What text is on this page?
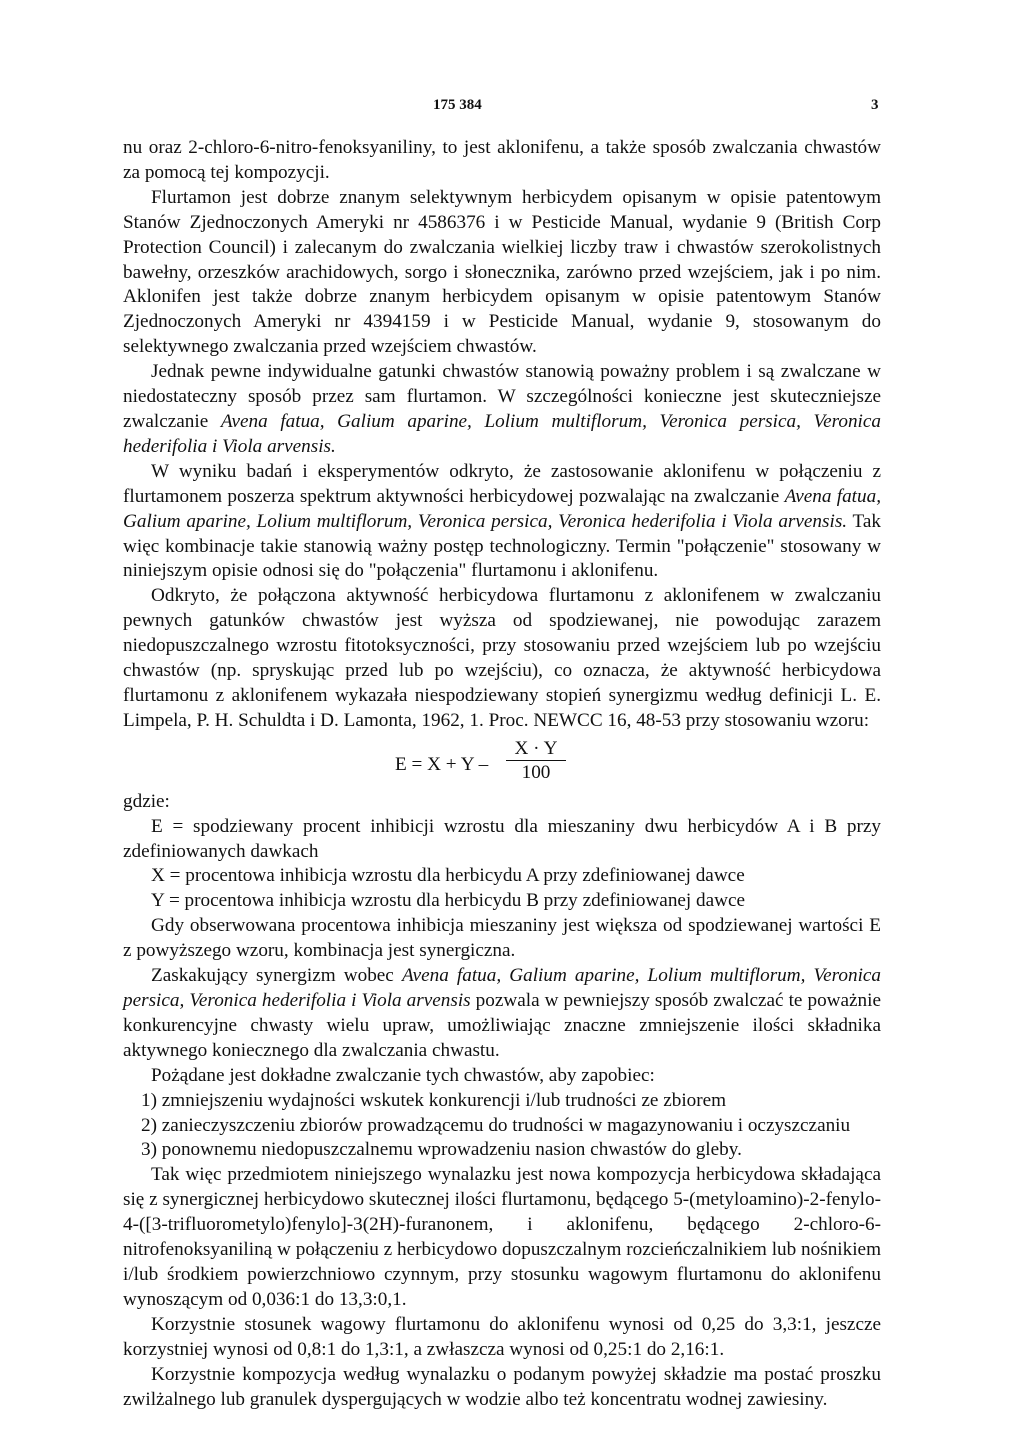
175 384	3

nu oraz 2-chloro-6-nitro-fenoksyaniliny, to jest aklonifenu, a także sposób zwalczania chwastów za pomocą tej kompozycji.

Flurtamon jest dobrze znanym selektywnym herbicydem opisanym w opisie patentowym Stanów Zjednoczonych Ameryki nr 4586376 i w Pesticide Manual, wydanie 9 (British Corp Protection Council) i zalecanym do zwalczania wielkiej liczby traw i chwastów szerokolistnych bawełny, orzeszków arachidowych, sorgo i słonecznika, zarówno przed wzejściem, jak i po nim. Aklonifen jest także dobrze znanym herbicydem opisanym w opisie patentowym Stanów Zjednoczonych Ameryki nr 4394159 i w Pesticide Manual, wydanie 9, stosowanym do selektywnego zwalczania przed wzejściem chwastów.

Jednak pewne indywidualne gatunki chwastów stanowią poważny problem i są zwalczane w niedostateczny sposób przez sam flurtamon. W szczególności konieczne jest skuteczniejsze zwalczanie Avena fatua, Galium aparine, Lolium multiflorum, Veronica persica, Veronica hederifolia i Viola arvensis.

W wyniku badań i eksperymentów odkryto, że zastosowanie aklonifenu w połączeniu z flurtamonem poszerza spektrum aktywności herbicydowej pozwalając na zwalczanie Avena fatua, Galium aparine, Lolium multiflorum, Veronica persica, Veronica hederifolia i Viola arvensis. Tak więc kombinacje takie stanowią ważny postęp technologiczny. Termin "połączenie" stosowany w niniejszym opisie odnosi się do "połączenia" flurtamonu i aklonifenu.

Odkryto, że połączona aktywność herbicydowa flurtamonu z aklonifenem w zwalczaniu pewnych gatunków chwastów jest wyższa od spodziewanej, nie powodując zarazem niedopuszczalnego wzrostu fitotoksyczności, przy stosowaniu przed wzejściem lub po wzejściu chwastów (np. spryskując przed lub po wzejściu), co oznacza, że aktywność herbicydowa flurtamonu z aklonifenem wykazała niespodziewany stopień synergizmu według definicji L. E. Limpela, P. H. Schuldta i D. Lamonta, 1962, 1. Proc. NEWCC 16, 48-53 przy stosowaniu wzoru:

$E = X + Y - \frac{X \cdot Y}{100}$

gdzie:

E = spodziewany procent inhibicji wzrostu dla mieszaniny dwu herbicydów A i B przy zdefiniowanych dawkach

X = procentowa inhibicja wzrostu dla herbicydu A przy zdefiniowanej dawce

Y = procentowa inhibicja wzrostu dla herbicydu B przy zdefiniowanej dawce

Gdy obserwowana procentowa inhibicja mieszaniny jest większa od spodziewanej wartości E z powyższego wzoru, kombinacja jest synergiczna.

Zaskakujący synergizm wobec Avena fatua, Galium aparine, Lolium multiflorum, Veronica persica, Veronica hederifolia i Viola arvensis pozwala w pewniejszy sposób zwalczać te poważnie konkurencyjne chwasty wielu upraw, umożliwiając znaczne zmniejszenie ilości składnika aktywnego koniecznego dla zwalczania chwastu.

Pożądane jest dokładne zwalczanie tych chwastów, aby zapobiec:

1) zmniejszeniu wydajności wskutek konkurencji i/lub trudności ze zbiorem

2) zanieczyszczeniu zbiorów prowadzącemu do trudności w magazynowaniu i oczyszczaniu

3) ponownemu niedopuszczalnemu wprowadzeniu nasion chwastów do gleby.

Tak więc przedmiotem niniejszego wynalazku jest nowa kompozycja herbicydowa składająca się z synergicznej herbicydowo skutecznej ilości flurtamonu, będącego 5-(metyloamino)-2-fenylo-4-([3-trifluorometylo)fenylo]-3(2H)-furanonem, i aklonifenu, będącego 2-chloro-6- nitrofenoksyaniliną w połączeniu z herbicydowo dopuszczalnym rozcieńczalnikiem lub nośnikiem i/lub środkiem powierzchniowo czynnym, przy stosunku wagowym flurtamonu do aklonifenu wynoszącym od 0,036:1 do 13,3:0,1.

Korzystnie stosunek wagowy flurtamonu do aklonifenu wynosi od 0,25 do 3,3:1, jeszcze korzystniej wynosi od 0,8:1 do 1,3:1, a zwłaszcza wynosi od 0,25:1 do 2,16:1.

Korzystnie kompozycja według wynalazku o podanym powyżej składzie ma postać proszku zwilżalnego lub granulek dyspergujących w wodzie albo też koncentratu wodnej zawiesiny.
